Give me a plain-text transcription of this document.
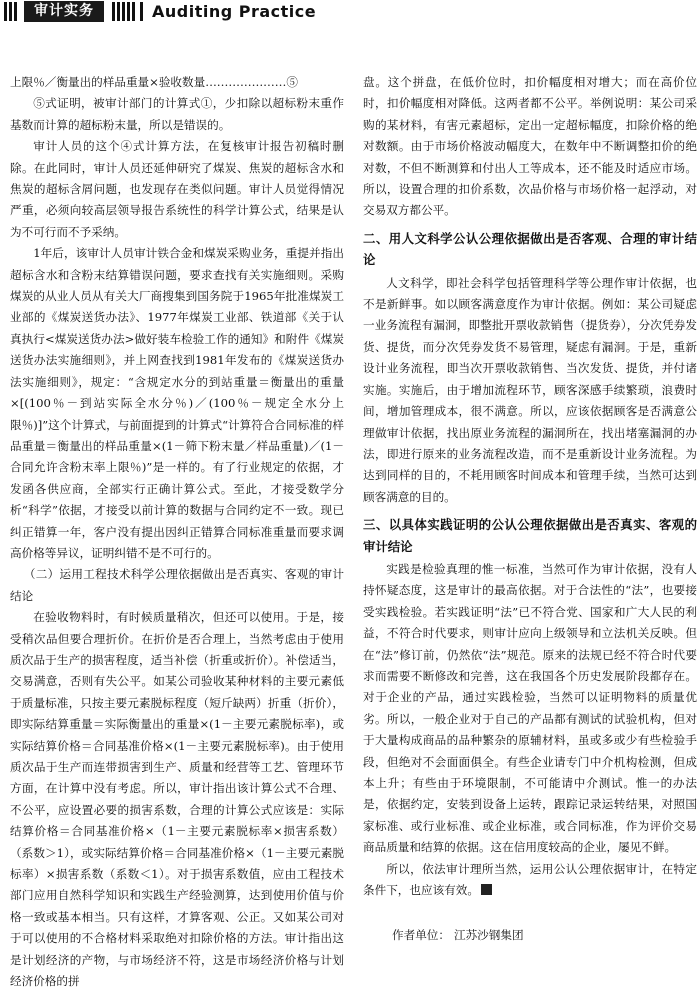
审计实务	Auditing Practice

上限％／衡量出的样品重量×验收数量…………………⑤

⑤式证明，被审计部门的计算式①，少扣除以超标粉末重作基数而计算的超标粉末量，所以是错误的。

审计人员的这个④式计算方法，在复核审计报告初稿时删除。在此同时，审计人员还延伸研究了煤炭、焦炭的超标含水和焦炭的超标含屑问题，也发现存在类似问题。审计人员觉得情况严重，必须向较高层领导报告系统性的科学计算公式，结果是认为不可行而不予采纳。

1年后，该审计人员审计铁合金和煤炭采购业务，重提并指出超标含水和含粉末结算错误问题，要求查找有关实施细则。采购煤炭的从业人员从有关大厂商搜集到国务院于1965年批准煤炭工业部的《煤炭送货办法》、1977年煤炭工业部、铁道部《关于认真执行<煤炭送货办法>做好装车检验工作的通知》和附件《煤炭送货办法实施细则》，并上网查找到1981年发布的《煤炭送货办法实施细则》，规定：“含规定水分的到站重量＝衡量出的重量×[(100％－到站实际全水分％)／(100％－规定全水分上限％)]”这个计算式，与前面提到的计算式“计算符合合同标准的样品重量＝衡量出的样品重量×(1－筛下粉末量／样品重量)／(1－合同允许含粉末率上限％)”是一样的。有了行业规定的依据，才发函各供应商，全部实行正确计算公式。至此，才接受数学分析“科学”依据，才接受以前计算的数据与合同约定不一致。现已纠正错算一年，客户没有提出因纠正错算合同标准重量而要求调高价格等异议，证明纠错不是不可行的。

（二）运用工程技术科学公理依据做出是否真实、客观的审计结论

在验收物料时，有时候质量稍次，但还可以使用。于是，接受稍次品但要合理折价。在折价是否合理上，当然考虑由于使用质次品于生产的损害程度，适当补偿（折重或折价）。补偿适当，交易满意，否则有失公平。如某公司验收某种材料的主要元素低于质量标准，只按主要元素脱标程度（短斤缺两）折重（折价），即实际结算重量＝实际衡量出的重量×(1－主要元素脱标率)，或实际结算价格＝合同基准价格×(1－主要元素脱标率)。由于使用质次品于生产而连带损害到生产、质量和经营等工艺、管理环节方面，在计算中没有考虑。所以，审计指出该计算公式不合理、不公平，应设置必要的损害系数，合理的计算公式应该是：实际结算价格＝合同基准价格×（1－主要元素脱标率×损害系数）（系数＞1），或实际结算价格＝合同基准价格×（1－主要元素脱标率）×损害系数（系数＜1）。对于损害系数值，应由工程技术部门应用自然科学知识和实践生产经验测算，达到使用价值与价格一致或基本相当。只有这样，才算客观、公正。又如某公司对于可以使用的不合格材料采取绝对扣除价格的方法。审计指出这是计划经济的产物，与市场经济不符，这是市场经济价格与计划经济价格的拼

盘。这个拼盘，在低价位时，扣价幅度相对增大；而在高价位时，扣价幅度相对降低。这两者都不公平。举例说明：某公司采购的某材料，有害元素超标，定出一定超标幅度，扣除价格的绝对数额。由于市场价格波动幅度大，在数年中不断调整扣价的绝对数，不但不断测算和付出人工等成本，还不能及时适应市场。所以，设置合理的扣价系数，次品价格与市场价格一起浮动，对交易双方都公平。

二、用人文科学公认公理依据做出是否客观、合理的审计结论

人文科学，即社会科学包括管理科学等公理作审计依据，也不是新鲜事。如以顾客满意度作为审计依据。例如：某公司疑虑一业务流程有漏洞，即整批开票收款销售（提货券），分次凭券发货、提货，而分次凭券发货不易管理，疑虑有漏洞。于是，重新设计业务流程，即当次开票收款销售、当次发货、提货，并付诸实施。实施后，由于增加流程环节，顾客深感手续繁琐，浪费时间，增加管理成本，很不满意。所以，应该依据顾客是否满意公理做审计依据，找出原业务流程的漏洞所在，找出堵塞漏洞的办法，即进行原来的业务流程改造，而不是重新设计业务流程。为达到同样的目的，不耗用顾客时间成本和管理手续，当然可达到顾客满意的目的。

三、以具体实践证明的公认公理依据做出是否真实、客观的审计结论

实践是检验真理的惟一标准，当然可作为审计依据，没有人持怀疑态度，这是审计的最高依据。对于合法性的“法”，也要接受实践检验。若实践证明“法”已不符合党、国家和广大人民的利益，不符合时代要求，则审计应向上级领导和立法机关反映。但在“法”修订前，仍然依“法”规范。原来的法规已经不符合时代要求而需要不断修改和完善，这在我国各个历史发展阶段都存在。对于企业的产品，通过实践检验，当然可以证明物料的质量优劣。所以，一般企业对于自己的产品都有测试的试验机构，但对于大量构成商品的品种繁杂的原辅材料，虽或多或少有些检验手段，但绝对不会面面俱全。有些企业请专门中介机构检测，但成本上升；有些由于环境限制，不可能请中介测试。惟一的办法是，依据约定，安装到设备上运转，跟踪记录运转结果，对照国家标准、或行业标准、或企业标准，或合同标准，作为评价交易商品质量和结算的依据。这在信用度较高的企业，屡见不鲜。

所以，依法审计理所当然，运用公认公理依据审计，在特定条件下，也应该有效。

作者单位： 江苏沙钢集团
